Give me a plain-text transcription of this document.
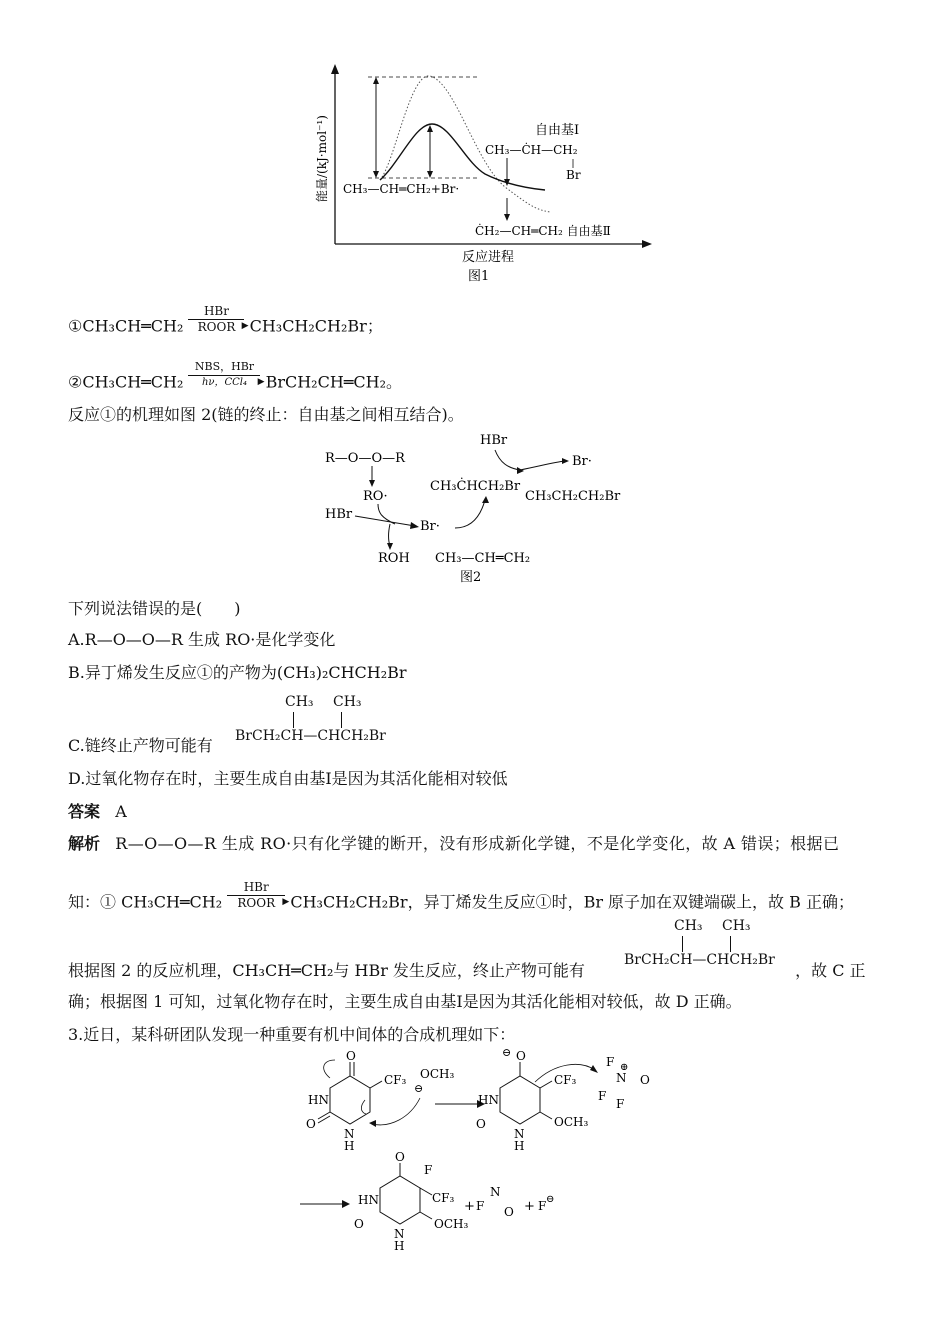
能量/(kJ·mol⁻¹)	自由基Ⅰ
CH₃—ĊH—CH₂
Br
CH₃—CH═CH₂+Br·
ĊH₂—CH═CH₂ 自由基Ⅱ
反应进程
图1
①CH₃CH═CH₂
HBr
▶
ROOR CH₃CH₂CH₂Br；
②CH₃CH═CH₂
NBS，HBr
▶
hν，CCl₄	BrCH₂CH═CH₂。
反应①的机理如图 2(链的终止：自由基之间相互结合)。
R—O—O—R
RO·
HBr
ROH
Br·
CH₃—CH═CH₂
CH₃ĊHCH₂Br
HBr
Br·
CH₃CH₂CH₂Br
图2
下列说法错误的是(　　)
A.R—O—O—R 生成 RO·是化学变化
B.异丁烯发生反应①的产物为(CH₃)₂CHCH₂Br
C.链终止产物可能有
CH₃ CH₃
BrCH₂CH—CHCH₂Br
D.过氧化物存在时，主要生成自由基Ⅰ是因为其活化能相对较低
答案 A
解析 R—O—O—R 生成 RO·只有化学键的断开，没有形成新化学键，不是化学变化，故 A 错误；根据已
知：① CH₃CH═CH₂
HBr
▶
ROOR CH₃CH₂CH₂Br，异丁烯发生反应①时，Br 原子加在双键端碳上，故 B 正确；
根据图 2 的反应机理，CH₃CH═CH₂与 HBr 发生反应，终止产物可能有	，故 C 正
CH₃ CH₃
BrCH₂CH—CHCH₂Br
确；根据图 1 可知，过氧化物存在时，主要生成自由基Ⅰ是因为其活化能相对较低，故 D 正确。
3.近日，某科研团队发现一种重要有机中间体的合成机理如下：
O
CF₃
O
HN
N
H
OCH₃
⊖
O
⊖
CF₃
OCH₃
HN
N
H
O
F ⊕
N O
F
F
O
F
CF₃
OCH₃
HN
N
H
O
+ F
N
O + F ⊖
